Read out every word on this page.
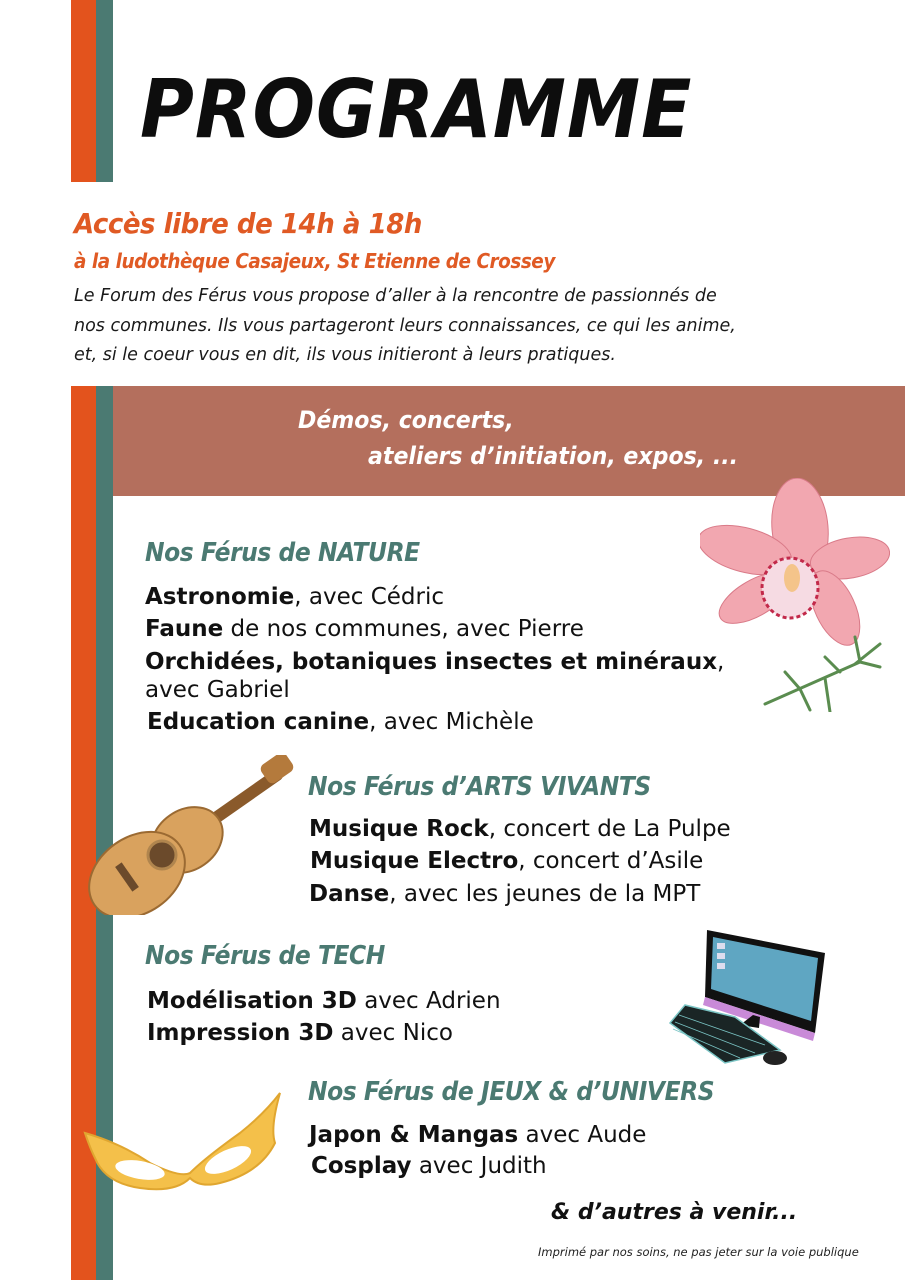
PROGRAMME
Accès libre de 14h à 18h
à la ludothèque Casajeux, St Etienne de Crossey
Le Forum des Férus vous propose d’aller à la rencontre de passionnés de
nos communes. Ils vous partageront leurs connaissances, ce qui les anime,
et, si le coeur vous en dit, ils vous initieront à leurs pratiques.
Démos, concerts,
ateliers d’initiation, expos, ...
Nos Férus de NATURE
Astronomie, avec Cédric
Faune de nos communes, avec Pierre
Orchidées, botaniques insectes et minéraux,
avec Gabriel
Education canine, avec Michèle
Nos Férus d’ARTS VIVANTS
Musique Rock, concert de La Pulpe
Musique Electro, concert d’Asile
Danse, avec les jeunes de la MPT
Nos Férus de TECH
Modélisation 3D avec Adrien
Impression 3D avec Nico
Nos Férus de JEUX & d’UNIVERS
Japon & Mangas avec Aude
Cosplay avec Judith
& d’autres à venir...
Imprimé par nos soins, ne pas jeter sur la voie publique
